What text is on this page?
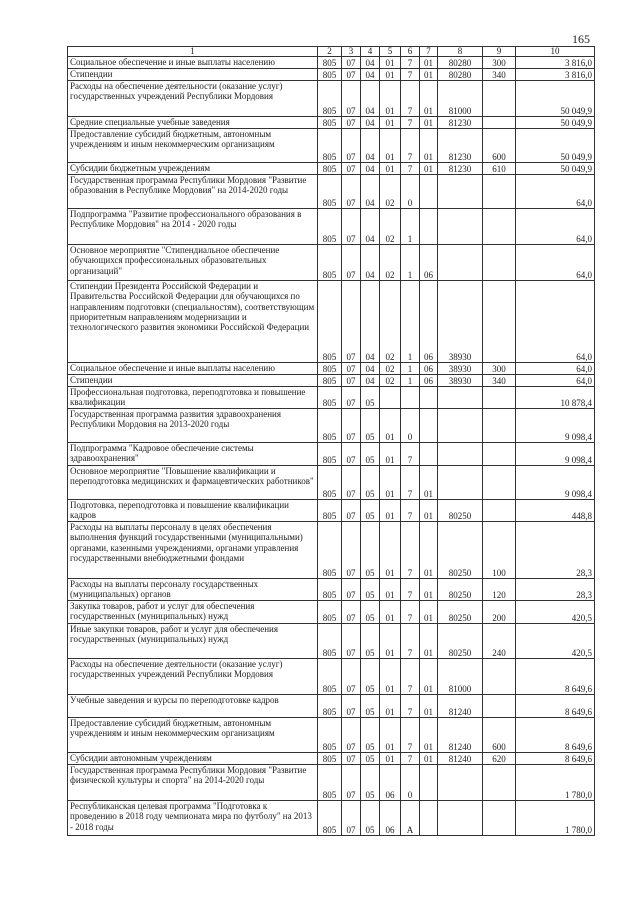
165
1	2	3	4	5	6	7	8	9	10
Социальное обеспечение и иные выплаты населению	805	07	04	01	7	01	80280	300	3 816,0
Стипендии	805	07	04	01	7	01	80280	340	3 816,0
Расходы на обеспечение деятельности (оказание услуг) государственных учреждений Республики Мордовия	805	07	04	01	7	01	81000		50 049,9
Средние специальные учебные заведения	805	07	04	01	7	01	81230		50 049,9
Предоставление субсидий бюджетным, автономным учреждениям и иным некоммерческим организациям	805	07	04	01	7	01	81230	600	50 049,9
Субсидии бюджетным учреждениям	805	07	04	01	7	01	81230	610	50 049,9
Государственная программа Республики Мордовия "Развитие образования в Республике Мордовия" на 2014-2020 годы	805	07	04	02	0				64,0
Подпрограмма "Развитие профессионального образования в Республике Мордовия" на 2014 - 2020 годы	805	07	04	02	1				64,0
Основное мероприятие "Стипендиальное обеспечение обучающихся профессиональных образовательных организаций"	805	07	04	02	1	06			64,0
Стипендии Президента Российской Федерации и Правительства Российской Федерации для обучающихся по направлениям подготовки (специальностям), соответствующим приоритетным направлениям модернизации и технологического развития экономики Российской Федерации	805	07	04	02	1	06	38930		64,0
Социальное обеспечение и иные выплаты населению	805	07	04	02	1	06	38930	300	64,0
Стипендии	805	07	04	02	1	06	38930	340	64,0
Профессиональная подготовка, переподготовка и повышение квалификации	805	07	05						10 878,4
Государственная программа развития здравоохранения Республики Мордовия на 2013-2020 годы	805	07	05	01	0				9 098,4
Подпрограмма "Кадровое обеспечение системы здравоохранения"	805	07	05	01	7				9 098,4
Основное мероприятие "Повышение квалификации и переподготовка медицинских и фармацевтических работников"	805	07	05	01	7	01			9 098,4
Подготовка, переподготовка и повышение квалификации кадров	805	07	05	01	7	01	80250		448,8
Расходы на выплаты персоналу в целях обеспечения выполнения функций государственными (муниципальными) органами, казенными учреждениями, органами управления государственными внебюджетными фондами	805	07	05	01	7	01	80250	100	28,3
Расходы на выплаты персоналу государственных (муниципальных) органов	805	07	05	01	7	01	80250	120	28,3
Закупка товаров, работ и услуг для обеспечения государственных (муниципальных) нужд	805	07	05	01	7	01	80250	200	420,5
Иные закупки товаров, работ и услуг для обеспечения государственных (муниципальных) нужд	805	07	05	01	7	01	80250	240	420,5
Расходы на обеспечение деятельности (оказание услуг) государственных учреждений Республики Мордовия	805	07	05	01	7	01	81000		8 649,6
Учебные заведения и курсы по переподготовке кадров	805	07	05	01	7	01	81240		8 649,6
Предоставление субсидий бюджетным, автономным учреждениям и иным некоммерческим организациям	805	07	05	01	7	01	81240	600	8 649,6
Субсидии автономным учреждениям	805	07	05	01	7	01	81240	620	8 649,6
Государственная программа Республики Мордовия "Развитие физической культуры и спорта" на 2014-2020 годы	805	07	05	06	0				1 780,0
Республиканская целевая программа "Подготовка к проведению в 2018 году чемпионата мира по футболу" на 2013 - 2018 годы	805	07	05	06	А				1 780,0
